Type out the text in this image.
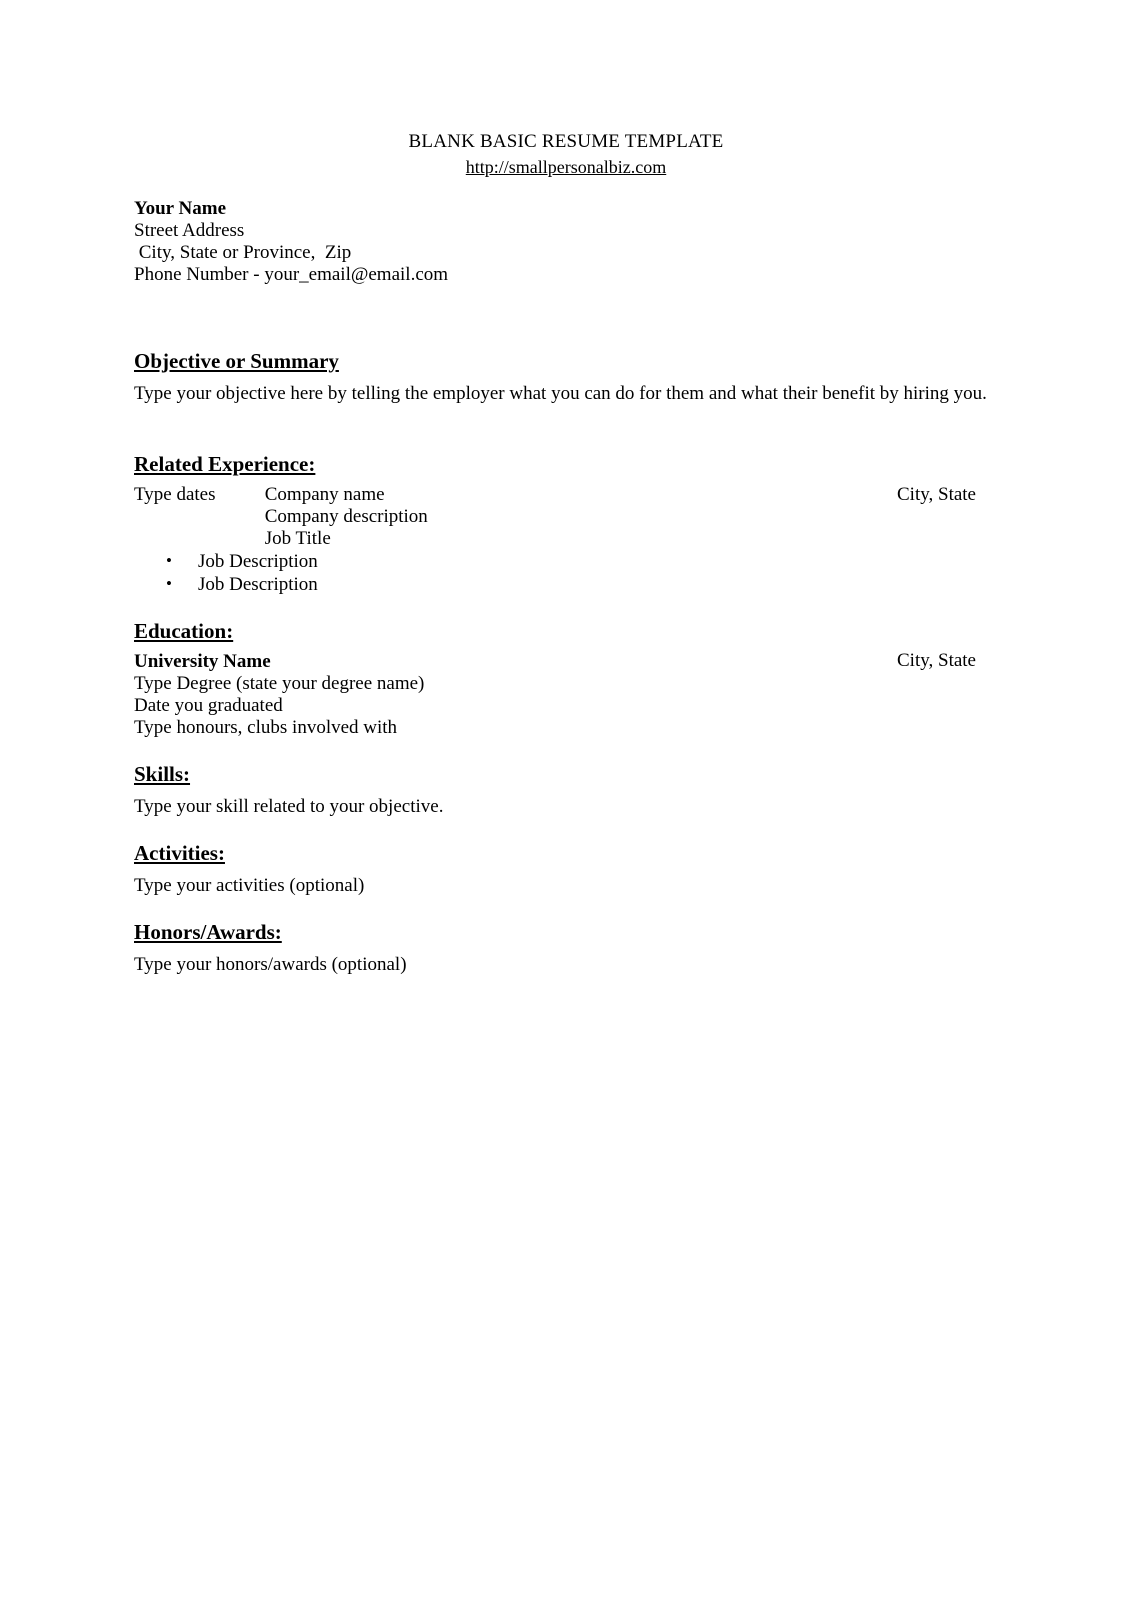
BLANK BASIC RESUME TEMPLATE
http://smallpersonalbiz.com
Your Name
Street Address
City, State or Province,  Zip
Phone Number - your_email@email.com
Objective or Summary
Type your objective here by telling the employer what you can do for them and what their benefit by hiring you.
Related Experience:
Type dates	Company name
Company description
Job Title
City, State
• Job Description
• Job Description
Education:
University Name	City, State
Type Degree (state your degree name)
Date you graduated
Type honours, clubs involved with
Skills:
Type your skill related to your objective.
Activities:
Type your activities (optional)
Honors/Awards:
Type your honors/awards (optional)
